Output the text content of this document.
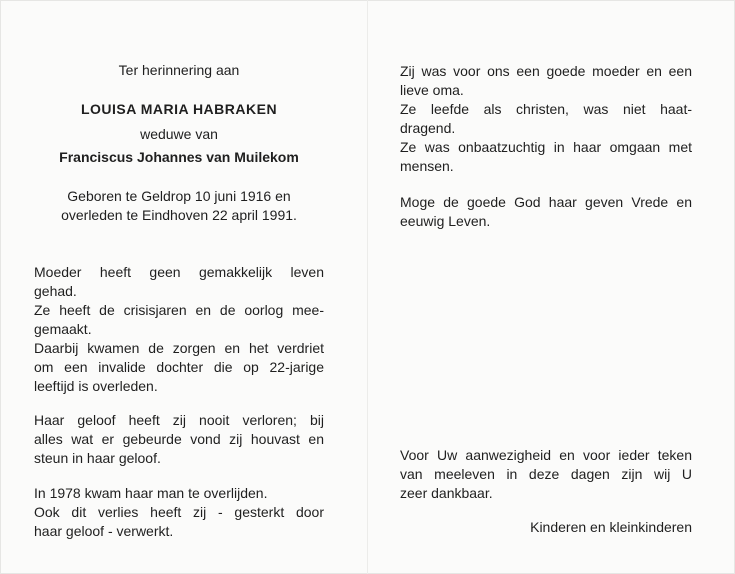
Ter herinnering aan
LOUISA MARIA HABRAKEN
weduwe van
Franciscus Johannes van Muilekom
Geboren te Geldrop 10 juni 1916 en
overleden te Eindhoven 22 april 1991.
Moeder heeft geen gemakkelijk leven
gehad.
Ze heeft de crisisjaren en de oorlog mee-
gemaakt.
Daarbij kwamen de zorgen en het verdriet
om een invalide dochter die op 22-jarige
leeftijd is overleden.
Haar geloof heeft zij nooit verloren; bij
alles wat er gebeurde vond zij houvast en
steun in haar geloof.
In 1978 kwam haar man te overlijden.
Ook dit verlies heeft zij - gesterkt door
haar geloof - verwerkt.
Zij was voor ons een goede moeder en een
lieve oma.
Ze leefde als christen, was niet haat-
dragend.
Ze was onbaatzuchtig in haar omgaan met
mensen.
Moge de goede God haar geven Vrede en
eeuwig Leven.
Voor Uw aanwezigheid en voor ieder teken
van meeleven in deze dagen zijn wij U
zeer dankbaar.
Kinderen en kleinkinderen
